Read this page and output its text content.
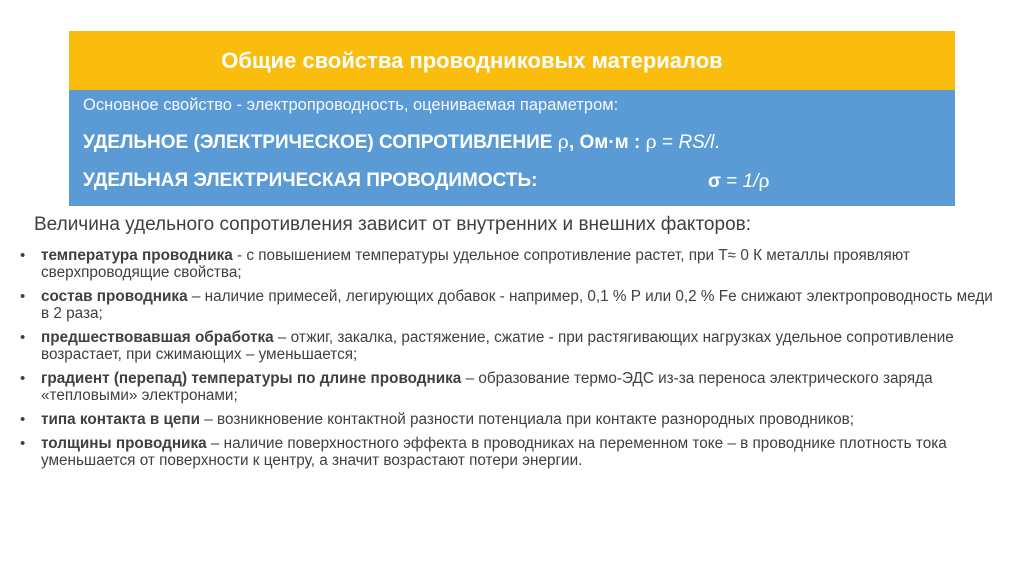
Общие свойства проводниковых материалов
Основное свойство - электропроводность, оцениваемая параметром:
УДЕЛЬНОЕ (ЭЛЕКТРИЧЕСКОЕ) СОПРОТИВЛЕНИЕ ρ, Ом·м : ρ = RS/l.
УДЕЛЬНАЯ ЭЛЕКТРИЧЕСКАЯ ПРОВОДИМОСТЬ:	σ = 1/ρ
Величина удельного сопротивления зависит от внутренних и внешних факторов:
• температура проводника - с повышением температуры удельное сопротивление растет, при Т≈ 0 К металлы проявляют сверхпроводящие свойства;
• состав проводника – наличие примесей, легирующих добавок - например, 0,1 % Р или 0,2 % Fe снижают электропроводность меди в 2 раза;
• предшествовавшая обработка – отжиг, закалка, растяжение, сжатие - при растягивающих нагрузках удельное сопротивление возрастает, при сжимающих – уменьшается;
• градиент (перепад) температуры по длине проводника – образование термо-ЭДС из-за переноса электрического заряда «тепловыми» электронами;
• типа контакта в цепи – возникновение контактной разности потенциала при контакте разнородных проводников;
• толщины проводника – наличие поверхностного эффекта в проводниках на переменном токе – в проводнике плотность тока уменьшается от поверхности к центру, а значит возрастают потери энергии.
